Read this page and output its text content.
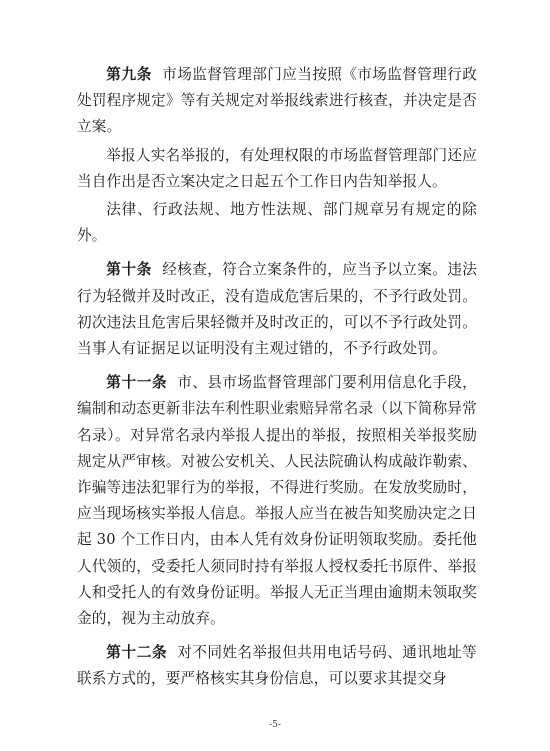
第九条 市场监督管理部门应当按照《市场监督管理行政处罚程序规定》等有关规定对举报线索进行核查，并决定是否立案。

举报人实名举报的，有处理权限的市场监督管理部门还应当自作出是否立案决定之日起五个工作日内告知举报人。

法律、行政法规、地方性法规、部门规章另有规定的除外。

第十条 经核查，符合立案条件的，应当予以立案。违法行为轻微并及时改正，没有造成危害后果的，不予行政处罚。初次违法且危害后果轻微并及时改正的，可以不予行政处罚。当事人有证据足以证明没有主观过错的，不予行政处罚。

第十一条 市、县市场监督管理部门要利用信息化手段，编制和动态更新非法车利性职业索赔异常名录（以下简称异常名录）。对异常名录内举报人提出的举报，按照相关举报奖励规定从严审核。对被公安机关、人民法院确认构成敲诈勒索、诈骗等违法犯罪行为的举报，不得进行奖励。在发放奖励时，应当现场核实举报人信息。举报人应当在被告知奖励决定之日起 30 个工作日内，由本人凭有效身份证明领取奖励。委托他人代领的，受委托人须同时持有举报人授权委托书原件、举报人和受托人的有效身份证明。举报人无正当理由逾期未领取奖金的，视为主动放弃。

第十二条 对不同姓名举报但共用电话号码、通讯地址等联系方式的，要严格核实其身份信息，可以要求其提交身

-5-
